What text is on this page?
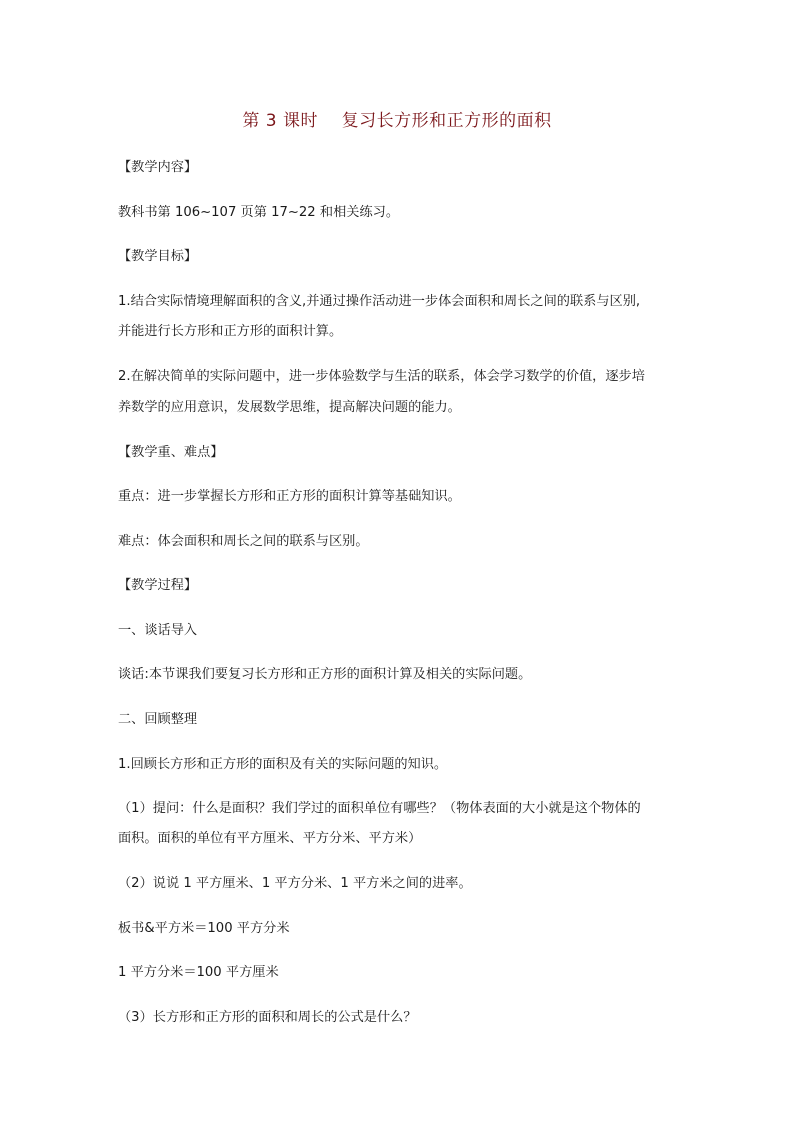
第 3 课时    复习长方形和正方形的面积
【教学内容】
教科书第 106~107 页第 17~22 和相关练习。
【教学目标】
1.结合实际情境理解面积的含义,并通过操作活动进一步体会面积和周长之间的联系与区别,
并能进行长方形和正方形的面积计算。
2.在解决简单的实际问题中，进一步体验数学与生活的联系，体会学习数学的价值，逐步培
养数学的应用意识，发展数学思维，提高解决问题的能力。
【教学重、难点】
重点：进一步掌握长方形和正方形的面积计算等基础知识。
难点：体会面积和周长之间的联系与区别。
【教学过程】
一、谈话导入
谈话:本节课我们要复习长方形和正方形的面积计算及相关的实际问题。
二、回顾整理
1.回顾长方形和正方形的面积及有关的实际问题的知识。
（1）提问：什么是面积？我们学过的面积单位有哪些？（物体表面的大小就是这个物体的
面积。面积的单位有平方厘米、平方分米、平方米）
（2）说说 1 平方厘米、1 平方分米、1 平方米之间的进率。
板书&平方米＝100 平方分米
1 平方分米＝100 平方厘米
（3）长方形和正方形的面积和周长的公式是什么？
